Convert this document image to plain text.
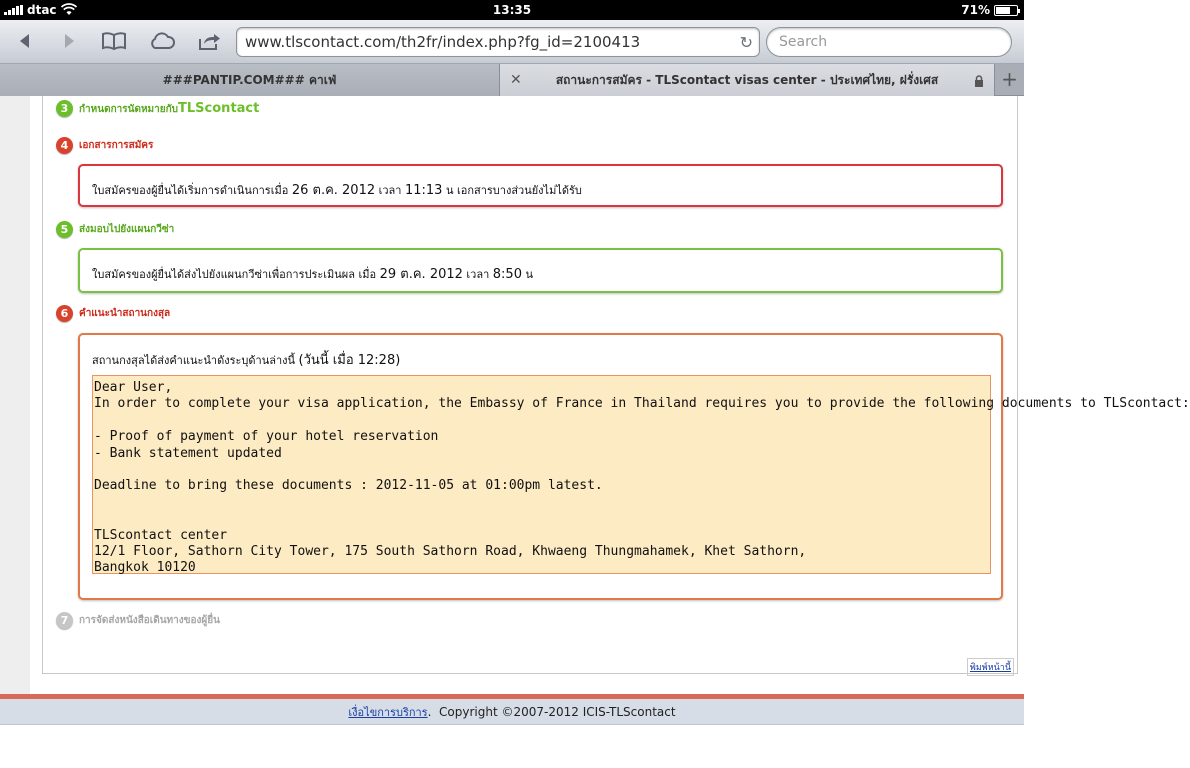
dtac	13:35	71%
www.tlscontact.com/th2fr/index.php?fg_id=2100413	↻	Search
###PANTIP.COM### คาเฟ่	✕	สถานะการสมัคร - TLScontact visas center - ประเทศไทย, ฝรั่งเศส	+
3	กำหนดการนัดหมายกับTLScontact
4	เอกสารการสมัคร
ใบสมัครของผู้ยื่นได้เริ่มการดำเนินการเมื่อ 26 ต.ค. 2012 เวลา 11:13 น เอกสารบางส่วนยังไม่ได้รับ
5	ส่งมอบไปยังแผนกวีซ่า
ใบสมัครของผู้ยื่นได้ส่งไปยังแผนกวีซ่าเพื่อการประเมินผล เมื่อ 29 ต.ค. 2012 เวลา 8:50 น
6	คำแนะนำสถานกงสุล
สถานกงสุลได้ส่งคำแนะนำดังระบุด้านล่างนี้ (วันนี้ เมื่อ 12:28)
Dear User,
In order to complete your visa application, the Embassy of France in Thailand requires you to provide the following documents to TLScontact:

- Proof of payment of your hotel reservation
- Bank statement updated

Deadline to bring these documents : 2012-11-05 at 01:00pm latest.

TLScontact center
12/1 Floor, Sathorn City Tower, 175 South Sathorn Road, Khwaeng Thungmahamek, Khet Sathorn,
Bangkok 10120
7	การจัดส่งหนังสือเดินทางของผู้ยื่น
พิมพ์หน้านี้
เงื่อไขการบริการ.  Copyright ©2007-2012 ICIS-TLScontact
